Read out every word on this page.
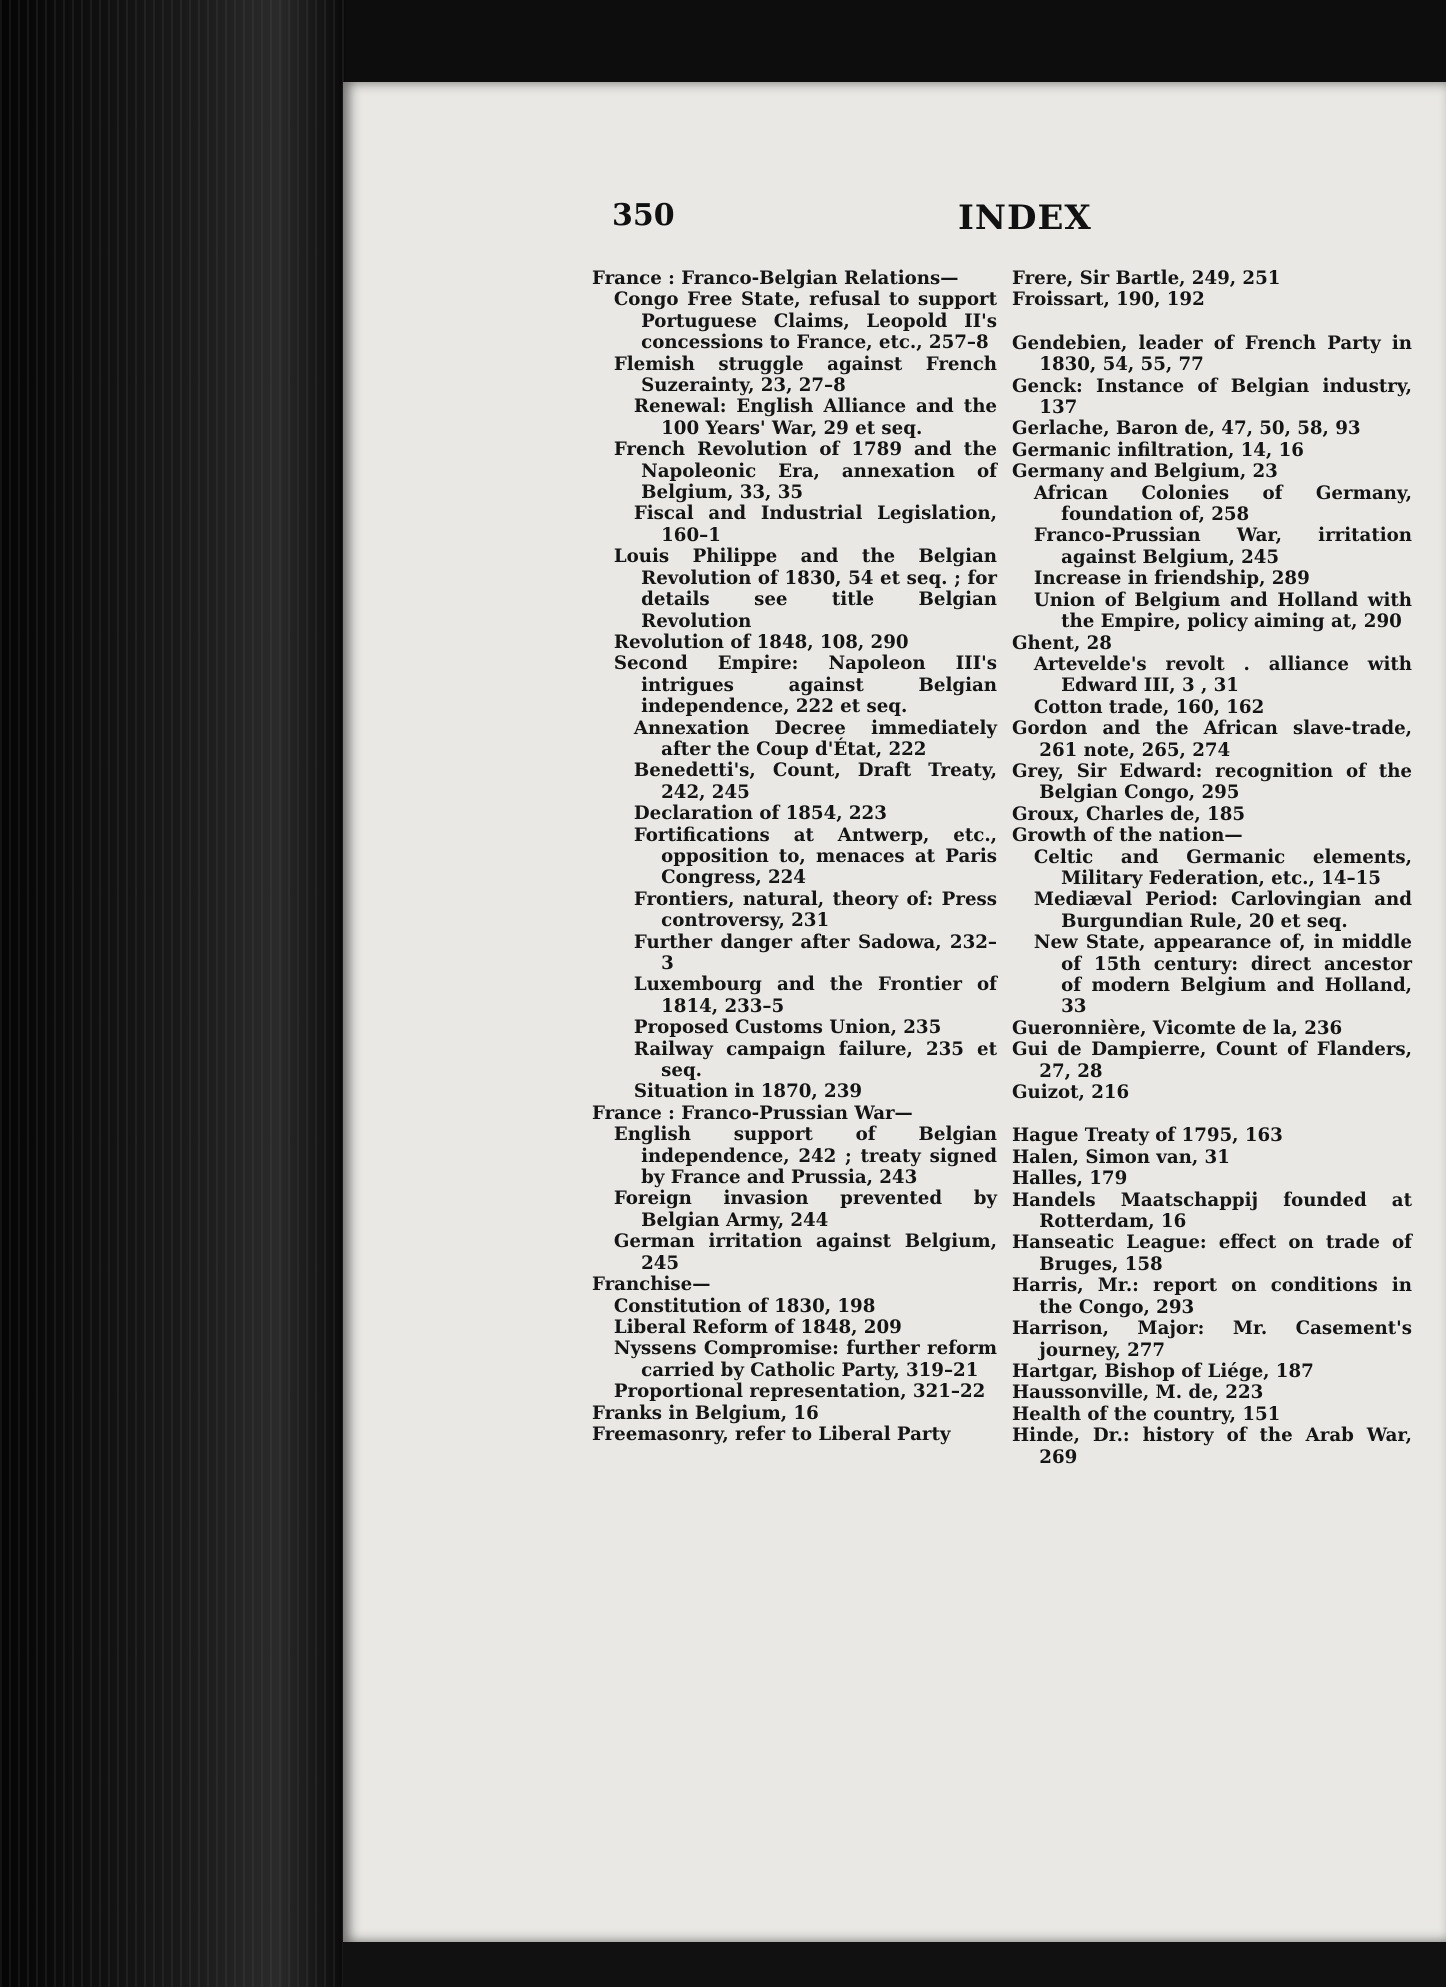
350	INDEX

France : Franco-Belgian Relations—

Congo Free State, refusal to support Portuguese Claims, Leopold II's concessions to France, etc., 257–8

Flemish struggle against French Suzerainty, 23, 27–8

Renewal: English Alliance and the 100 Years' War, 29 et seq.

French Revolution of 1789 and the Napoleonic Era, annexation of Belgium, 33, 35

Fiscal and Industrial Legislation, 160–1

Louis Philippe and the Belgian Revolution of 1830, 54 et seq. ; for details see title Belgian Revolution

Revolution of 1848, 108, 290

Second Empire: Napoleon III's intrigues against Belgian independence, 222 et seq.

Annexation Decree immediately after the Coup d'État, 222

Benedetti's, Count, Draft Treaty, 242, 245

Declaration of 1854, 223

Fortifications at Antwerp, etc., opposition to, menaces at Paris Congress, 224

Frontiers, natural, theory of: Press controversy, 231

Further danger after Sadowa, 232–3

Luxembourg and the Frontier of 1814, 233–5

Proposed Customs Union, 235

Railway campaign failure, 235 et seq.

Situation in 1870, 239

France : Franco-Prussian War—

English support of Belgian independence, 242 ; treaty signed by France and Prussia, 243

Foreign invasion prevented by Belgian Army, 244

German irritation against Belgium, 245

Franchise—

Constitution of 1830, 198

Liberal Reform of 1848, 209

Nyssens Compromise: further reform carried by Catholic Party, 319–21

Proportional representation, 321–22

Franks in Belgium, 16

Freemasonry, refer to Liberal Party

Frere, Sir Bartle, 249, 251

Froissart, 190, 192

Gendebien, leader of French Party in 1830, 54, 55, 77

Genck: Instance of Belgian industry, 137

Gerlache, Baron de, 47, 50, 58, 93

Germanic infiltration, 14, 16

Germany and Belgium, 23

African Colonies of Germany, foundation of, 258

Franco-Prussian War, irritation against Belgium, 245

Increase in friendship, 289

Union of Belgium and Holland with the Empire, policy aiming at, 290

Ghent, 28

Artevelde's revolt . alliance with Edward III, 3 , 31

Cotton trade, 160, 162

Gordon and the African slave-trade, 261 note, 265, 274

Grey, Sir Edward: recognition of the Belgian Congo, 295

Groux, Charles de, 185

Growth of the nation—

Celtic and Germanic elements, Military Federation, etc., 14–15

Mediæval Period: Carlovingian and Burgundian Rule, 20 et seq.

New State, appearance of, in middle of 15th century: direct ancestor of modern Belgium and Holland, 33

Gueronnière, Vicomte de la, 236

Gui de Dampierre, Count of Flanders, 27, 28

Guizot, 216

Hague Treaty of 1795, 163

Halen, Simon van, 31

Halles, 179

Handels Maatschappij founded at Rotterdam, 16

Hanseatic League: effect on trade of Bruges, 158

Harris, Mr.: report on conditions in the Congo, 293

Harrison, Major: Mr. Casement's journey, 277

Hartgar, Bishop of Liége, 187

Haussonville, M. de, 223

Health of the country, 151

Hinde, Dr.: history of the Arab War, 269
